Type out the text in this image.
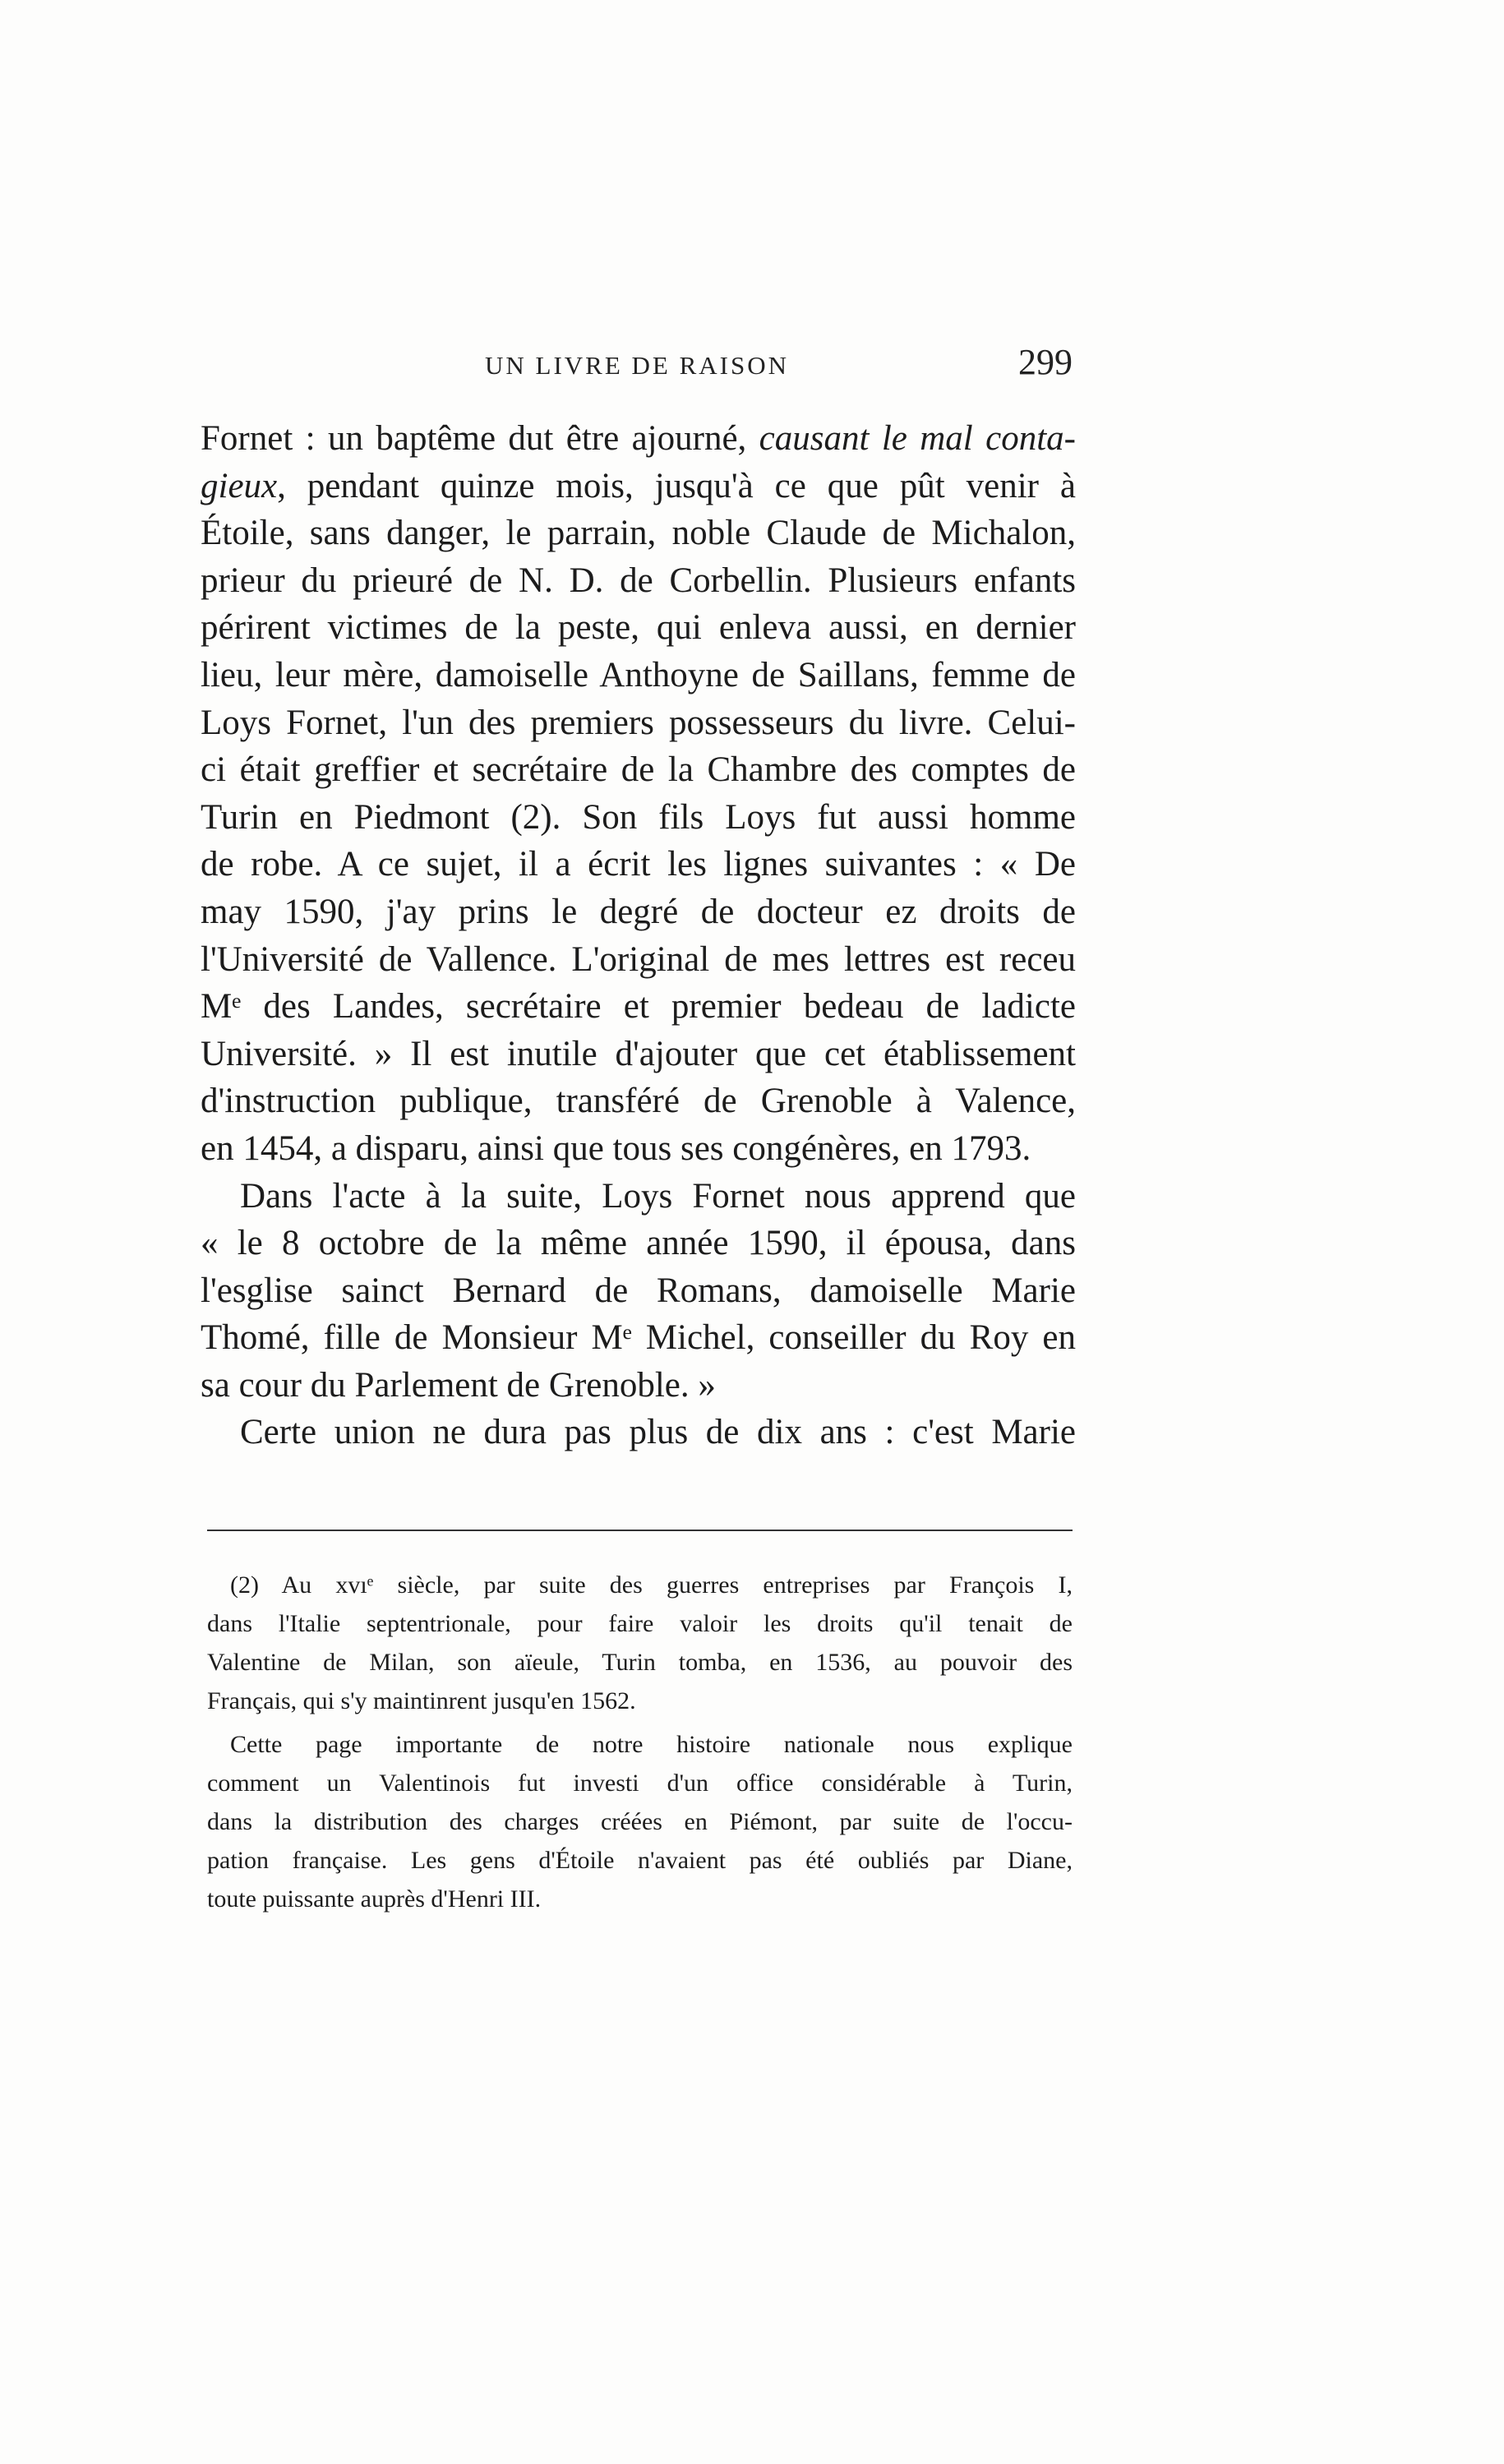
UN LIVRE DE RAISON	299
Fornet : un baptême dut être ajourné, causant le mal conta-
gieux, pendant quinze mois, jusqu'à ce que pût venir à
Étoile, sans danger, le parrain, noble Claude de Michalon,
prieur du prieuré de N. D. de Corbellin. Plusieurs enfants
périrent victimes de la peste, qui enleva aussi, en dernier
lieu, leur mère, damoiselle Anthoyne de Saillans, femme de
Loys Fornet, l'un des premiers possesseurs du livre. Celui-
ci était greffier et secrétaire de la Chambre des comptes de
Turin en Piedmont (2). Son fils Loys fut aussi homme
de robe. A ce sujet, il a écrit les lignes suivantes : « De
may 1590, j'ay prins le degré de docteur ez droits de
l'Université de Vallence. L'original de mes lettres est receu
Mᵉ des Landes, secrétaire et premier bedeau de ladicte
Université. » Il est inutile d'ajouter que cet établissement
d'instruction publique, transféré de Grenoble à Valence,
en 1454, a disparu, ainsi que tous ses congénères, en 1793.
Dans l'acte à la suite, Loys Fornet nous apprend que
« le 8 octobre de la même année 1590, il épousa, dans
l'esglise sainct Bernard de Romans, damoiselle Marie
Thomé, fille de Monsieur Mᵉ Michel, conseiller du Roy en
sa cour du Parlement de Grenoble. »
Certe union ne dura pas plus de dix ans : c'est Marie
(2) Au xvıᵉ siècle, par suite des guerres entreprises par François I,
dans l'Italie septentrionale, pour faire valoir les droits qu'il tenait de
Valentine de Milan, son aïeule, Turin tomba, en 1536, au pouvoir des
Français, qui s'y maintinrent jusqu'en 1562.
Cette page importante de notre histoire nationale nous explique
comment un Valentinois fut investi d'un office considérable à Turin,
dans la distribution des charges créées en Piémont, par suite de l'occu-
pation française. Les gens d'Étoile n'avaient pas été oubliés par Diane,
toute puissante auprès d'Henri III.
